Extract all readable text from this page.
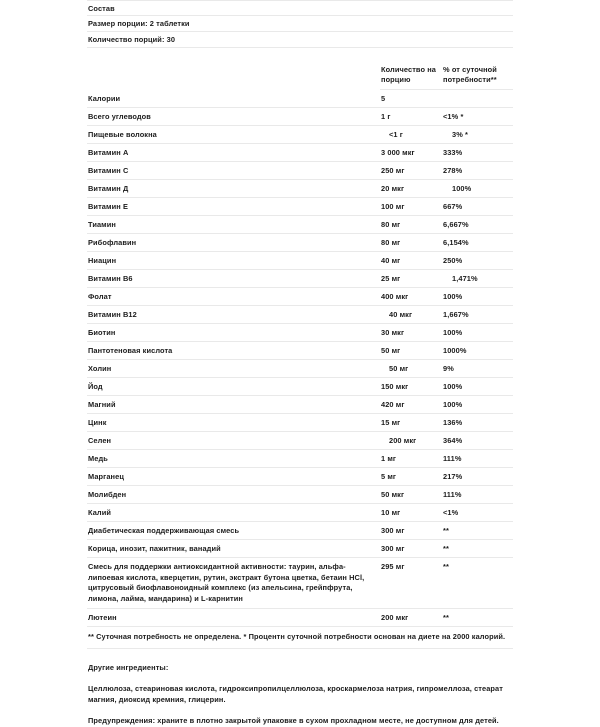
Состав
Размер порции: 2 таблетки
Количество порций: 30
	Количество на порцию	% от суточной потребности**
Калории	5	
Всего углеводов	1 г	<1% *
Пищевые волокна	<1 г	3% *
Витамин А	3 000 мкг	333%
Витамин С	250 мг	278%
Витамин Д	20 мкг	100%
Витамин Е	100 мг	667%
Тиамин	80 мг	6,667%
Рибофлавин	80 мг	6,154%
Ниацин	40 мг	250%
Витамин B6	25 мг	1,471%
Фолат	400 мкг	100%
Витамин B12	40 мкг	1,667%
Биотин	30 мкг	100%
Пантотеновая кислота	50 мг	1000%
Холин	50 мг	9%
Йод	150 мкг	100%
Магний	420 мг	100%
Цинк	15 мг	136%
Селен	200 мкг	364%
Медь	1 мг	111%
Марганец	5 мг	217%
Молибден	50 мкг	111%
Калий	10 мг	<1%
Диабетическая поддерживающая смесь	300 мг	**
Корица, инозит, пажитник, ванадий	300 мг	**
Смесь для поддержки антиоксидантной активности: таурин, альфа-липоевая кислота, кверцетин, рутин, экстракт бутона цветка, бетаин HCl, цитрусовый биофлавоноидный комплекс (из апельсина, грейпфрута, лимона, лайма, мандарина) и L-карнитин	295 мг	**
Лютеин	200 мкг	**
** Суточная потребность не определена. * Процентн суточной потребности основан на диете на 2000 калорий.		
Другие ингредиенты:
Целлюлоза, стеариновая кислота, гидроксипропилцеллюлоза, кроскармелоза натрия, гипромеллоза, стеарат магния, диоксид кремния, глицерин.
Предупреждения: храните в плотно закрытой упаковке в сухом прохладном месте, не доступном для детей.
